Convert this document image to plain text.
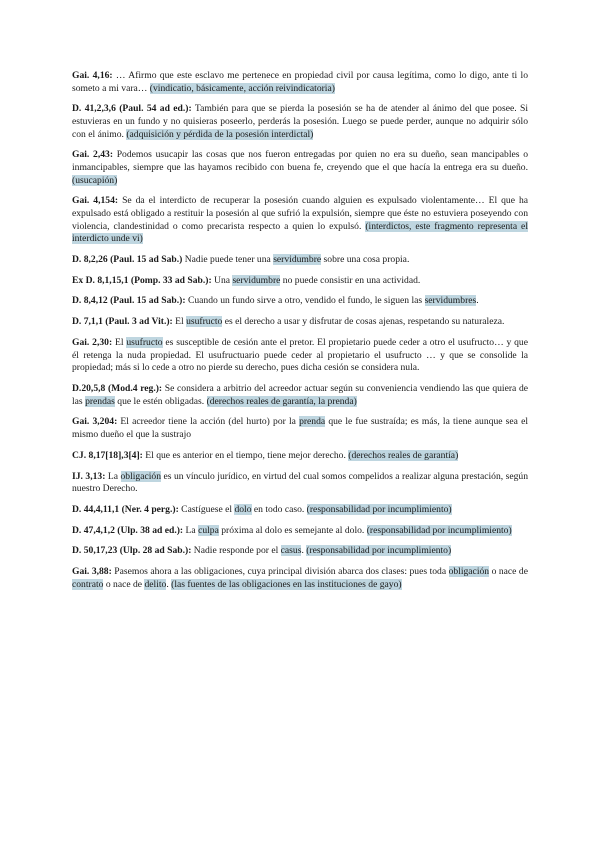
Gai. 4,16: … Afirmo que este esclavo me pertenece en propiedad civil por causa legítima, como lo digo, ante ti lo someto a mi vara… (vindicatio, básicamente, acción reivindicatoria)

D. 41,2,3,6 (Paul. 54 ad ed.): También para que se pierda la posesión se ha de atender al ánimo del que posee. Si estuvieras en un fundo y no quisieras poseerlo, perderás la posesión. Luego se puede perder, aunque no adquirir sólo con el ánimo. (adquisición y pérdida de la posesión interdictal)

Gai. 2,43: Podemos usucapir las cosas que nos fueron entregadas por quien no era su dueño, sean mancipables o inmancipables, siempre que las hayamos recibido con buena fe, creyendo que el que hacía la entrega era su dueño. (usucapión)

Gai. 4,154: Se da el interdicto de recuperar la posesión cuando alguien es expulsado violentamente… El que ha expulsado está obligado a restituir la posesión al que sufrió la expulsión, siempre que éste no estuviera poseyendo con violencia, clandestinidad o como precarista respecto a quien lo expulsó. (interdictos, este fragmento representa el interdicto unde vi)

D. 8,2,26 (Paul. 15 ad Sab.) Nadie puede tener una servidumbre sobre una cosa propia.

Ex D. 8,1,15,1 (Pomp. 33 ad Sab.): Una servidumbre no puede consistir en una actividad.

D. 8,4,12 (Paul. 15 ad Sab.): Cuando un fundo sirve a otro, vendido el fundo, le siguen las servidumbres.

D. 7,1,1 (Paul. 3 ad Vit.): El usufructo es el derecho a usar y disfrutar de cosas ajenas, respetando su naturaleza.

Gai. 2,30: El usufructo es susceptible de cesión ante el pretor. El propietario puede ceder a otro el usufructo… y que él retenga la nuda propiedad. El usufructuario puede ceder al propietario el usufructo … y que se consolide la propiedad; más si lo cede a otro no pierde su derecho, pues dicha cesión se considera nula.

D.20,5,8 (Mod.4 reg.): Se considera a arbitrio del acreedor actuar según su conveniencia vendiendo las que quiera de las prendas que le estén obligadas. (derechos reales de garantía, la prenda)

Gai. 3,204: El acreedor tiene la acción (del hurto) por la prenda que le fue sustraída; es más, la tiene aunque sea el mismo dueño el que la sustrajo

CJ. 8,17[18],3[4]: El que es anterior en el tiempo, tiene mejor derecho. (derechos reales de garantía)

IJ. 3,13: La obligación es un vínculo jurídico, en virtud del cual somos compelidos a realizar alguna prestación, según nuestro Derecho.

D. 44,4,11,1 (Ner. 4 perg.): Castíguese el dolo en todo caso. (responsabilidad por incumplimiento)

D. 47,4,1,2 (Ulp. 38 ad ed.): La culpa próxima al dolo es semejante al dolo. (responsabilidad por incumplimiento)

D. 50,17,23 (Ulp. 28 ad Sab.): Nadie responde por el casus. (responsabilidad por incumplimiento)

Gai. 3,88: Pasemos ahora a las obligaciones, cuya principal división abarca dos clases: pues toda obligación o nace de contrato o nace de delito. (las fuentes de las obligaciones en las instituciones de gayo)
